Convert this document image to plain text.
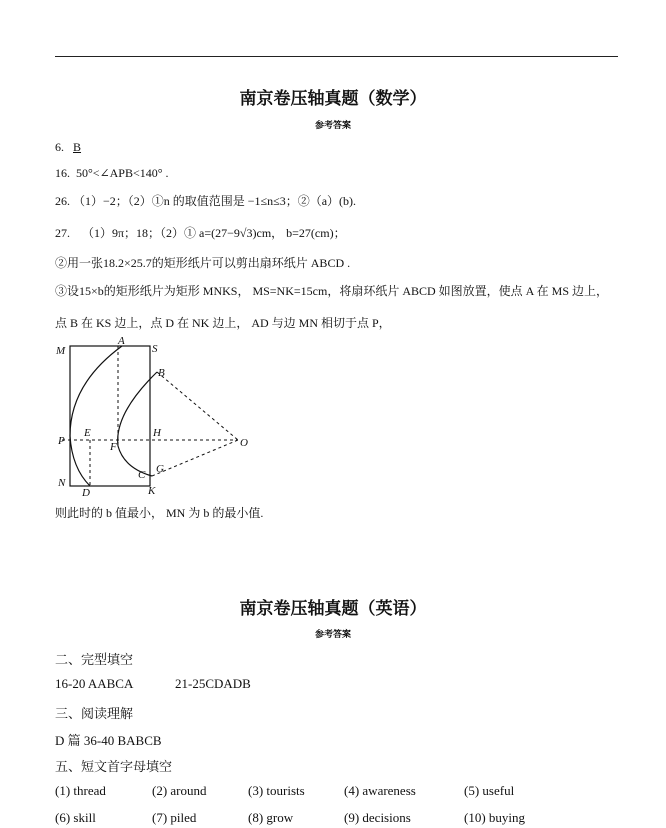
南京卷压轴真题（数学）
参考答案
6. B
16. 50°<∠APB<140° .
26. （1）−2；（2）①n 的取值范围是 −1≤n≤3；②（a）(b).
27. （1）9π；18；（2）① a=(27−9√3)cm， b=27(cm)；
②用一张18.2×25.7的矩形纸片可以剪出扇环纸片 ABCD .
③设15×b的矩形纸片为矩形 MNKS， MS=NK=15cm，将扇环纸片 ABCD 如图放置，使点 A 在 MS 边上，
点 B 在 KS 边上，点 D 在 NK 边上， AD 与边 MN 相切于点 P，
M
A
S
B
P
E	H
O
F
C G
N
D	K
则此时的 b 值最小， MN 为 b 的最小值.
南京卷压轴真题（英语）
参考答案
二、完型填空
16-20 AABCA	21-25CDADB
三、阅读理解
D 篇 36-40 BABCB
五、短文首字母填空
(1) thread	(2) around	(3) tourists	(4) awareness	(5) useful
(6) skill	(7) piled	(8) grow	(9) decisions	(10) buying
